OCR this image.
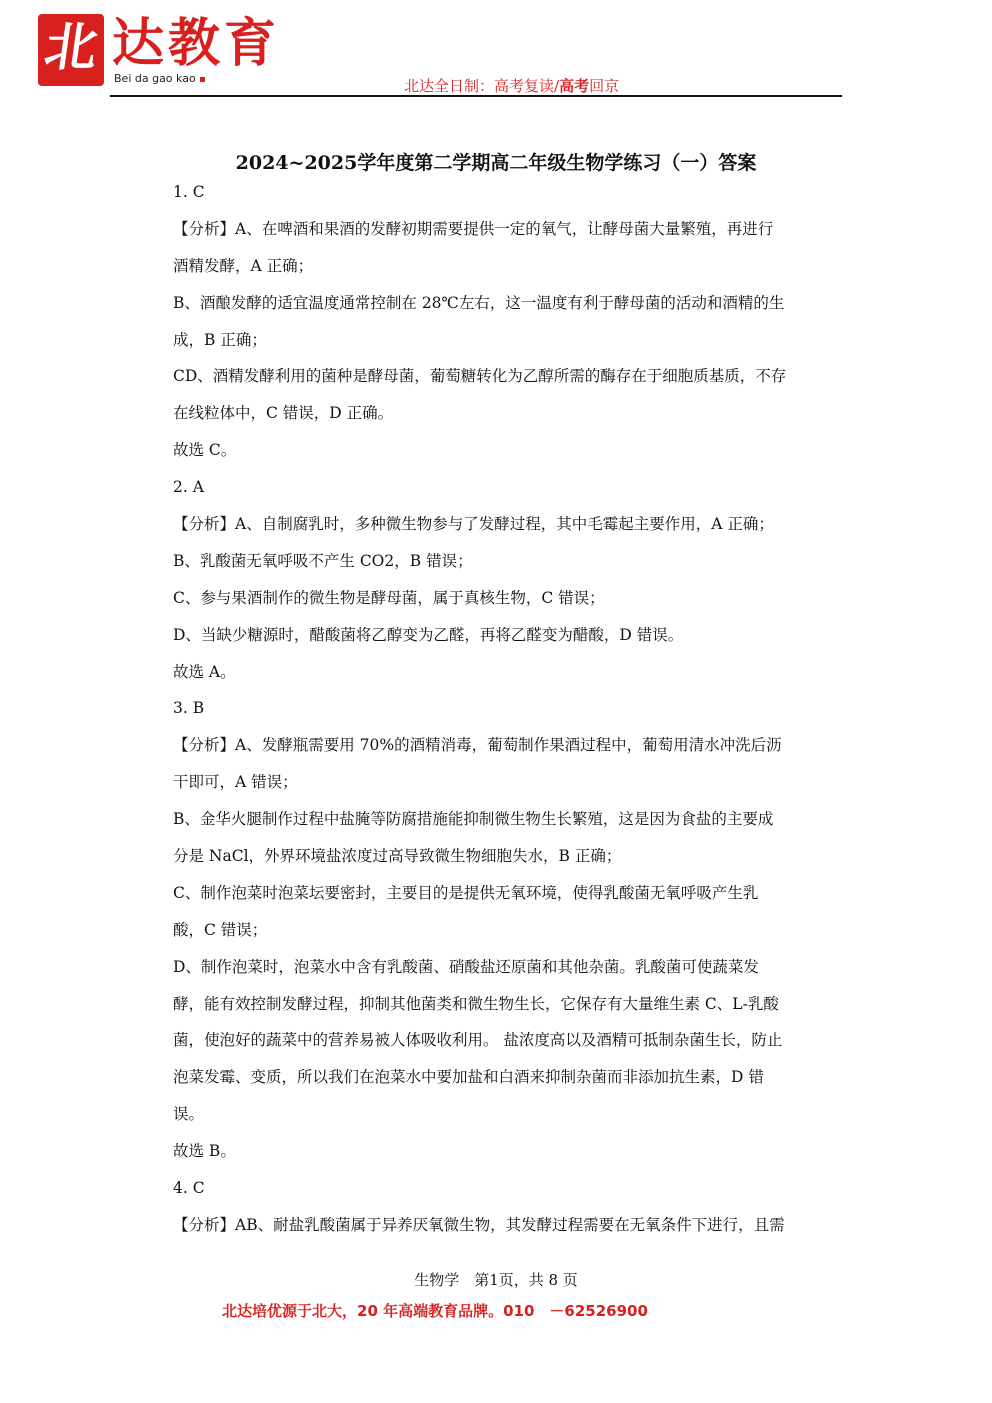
北 达教育
Bei da gao kao	北达全日制：高考复读/高考回京
2024~2025学年度第二学期高二年级生物学练习（一）答案
1. C
【分析】A、在啤酒和果酒的发酵初期需要提供一定的氧气，让酵母菌大量繁殖，再进行
酒精发酵，A 正确；
B、酒酿发酵的适宜温度通常控制在 28℃左右，这一温度有利于酵母菌的活动和酒精的生
成，B 正确；
CD、酒精发酵利用的菌种是酵母菌，葡萄糖转化为乙醇所需的酶存在于细胞质基质，不存
在线粒体中，C 错误，D 正确。
故选 C。
2. A
【分析】A、自制腐乳时，多种微生物参与了发酵过程，其中毛霉起主要作用，A 正确；
B、乳酸菌无氧呼吸不产生 CO2，B 错误；
C、参与果酒制作的微生物是酵母菌，属于真核生物，C 错误；
D、当缺少糖源时，醋酸菌将乙醇变为乙醛，再将乙醛变为醋酸，D 错误。
故选 A。
3. B
【分析】A、发酵瓶需要用 70%的酒精消毒，葡萄制作果酒过程中，葡萄用清水冲洗后沥
干即可，A 错误；
B、金华火腿制作过程中盐腌等防腐措施能抑制微生物生长繁殖，这是因为食盐的主要成
分是 NaCl，外界环境盐浓度过高导致微生物细胞失水，B 正确；
C、制作泡菜时泡菜坛要密封，主要目的是提供无氧环境，使得乳酸菌无氧呼吸产生乳
酸，C 错误；
D、制作泡菜时，泡菜水中含有乳酸菌、硝酸盐还原菌和其他杂菌。乳酸菌可使蔬菜发
酵，能有效控制发酵过程，抑制其他菌类和微生物生长，它保存有大量维生素 C、L-乳酸
菌，使泡好的蔬菜中的营养易被人体吸收利用。 盐浓度高以及酒精可抵制杂菌生长，防止
泡菜发霉、变质，所以我们在泡菜水中要加盐和白酒来抑制杂菌而非添加抗生素，D 错
误。
故选 B。
4. C
【分析】AB、耐盐乳酸菌属于异养厌氧微生物，其发酵过程需要在无氧条件下进行，且需
生物学　第1页，共 8 页
北达培优源于北大，20 年高端教育品牌。010　－62526900
